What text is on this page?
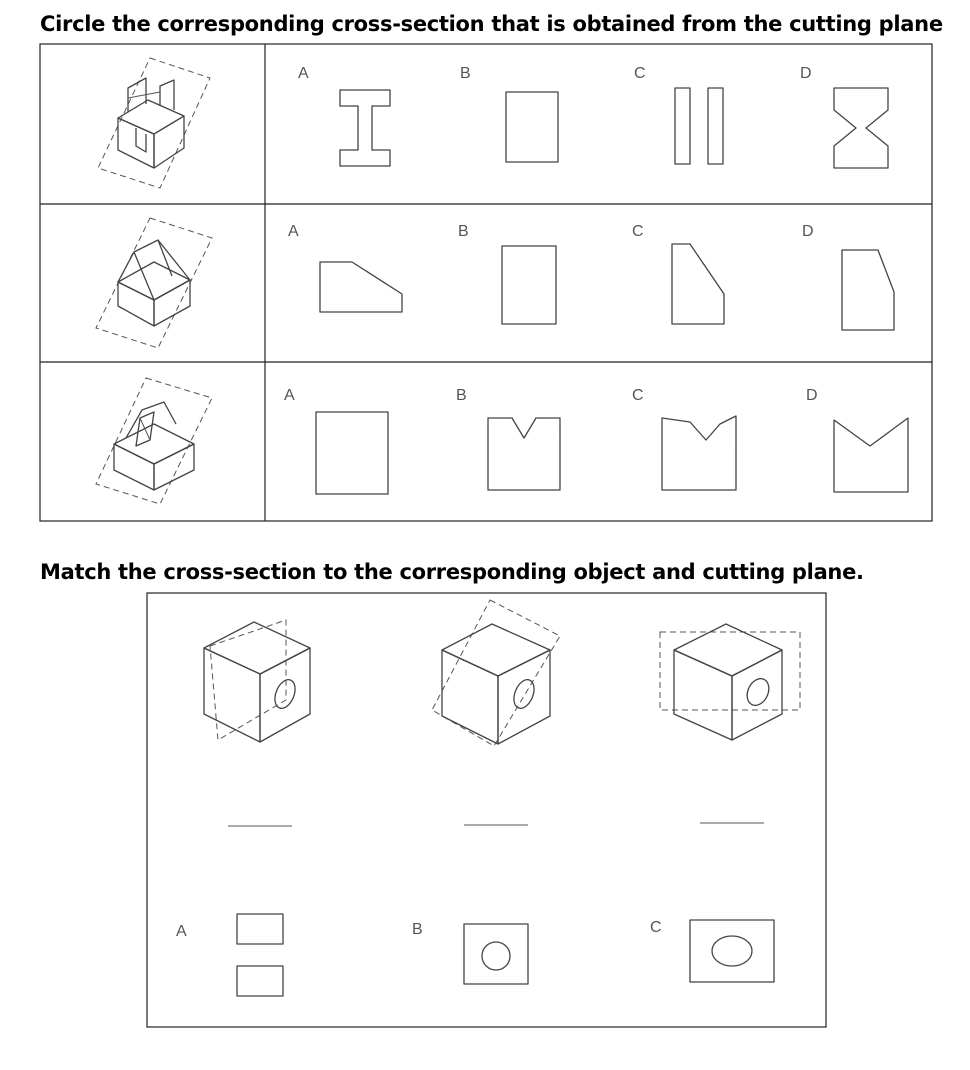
Circle the corresponding cross-section that is obtained from the cutting plane
Match the cross-section to the corresponding object and cutting plane.
A	B	C	D
A	B	C	D
A	B	C	D
A	B	C
